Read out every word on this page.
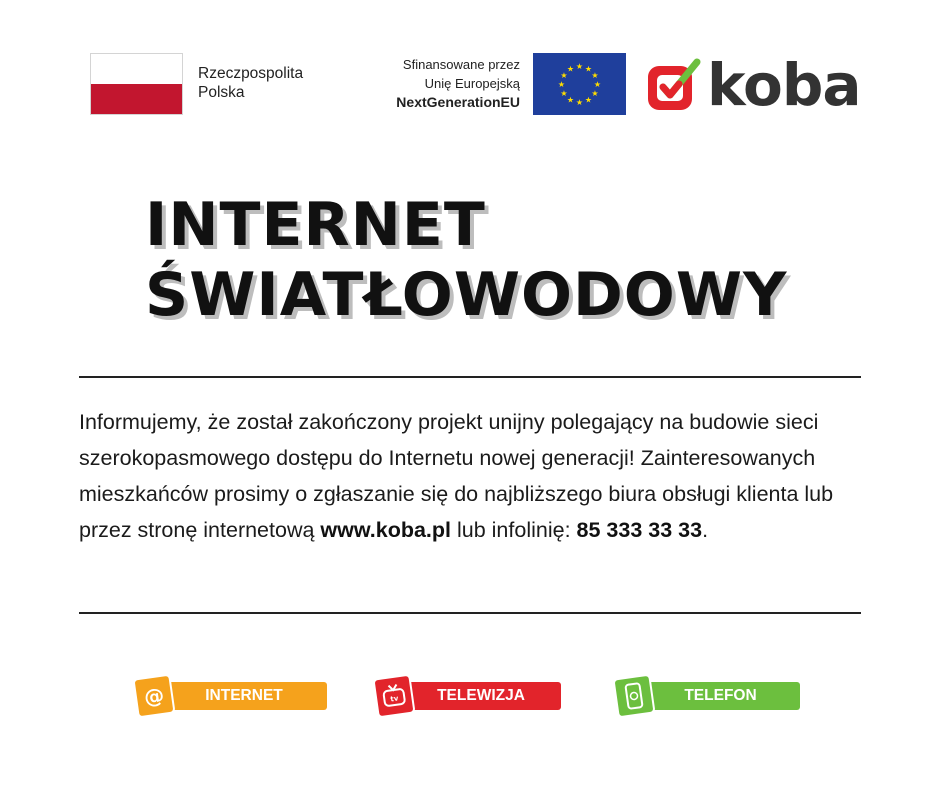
Rzeczpospolita
Polska
Sfinansowane przez
Unię Europejską
NextGenerationEU
★ ★
★
★
★
★
★
★
★
★
★
★ koba
INTERNET
ŚWIATŁOWODOWY
Informujemy, że został zakończony projekt unijny polegający na budowie sieci szerokopasmowego dostępu do Internetu nowej generacji! Zainteresowanych mieszkańców prosimy o zgłaszanie się do najbliższego biura obsługi klienta lub przez stronę internetową www.koba.pl lub infolinię: 85 333 33 33.
INTERNET
@	TELEWIZJA
tv	TELEFON
